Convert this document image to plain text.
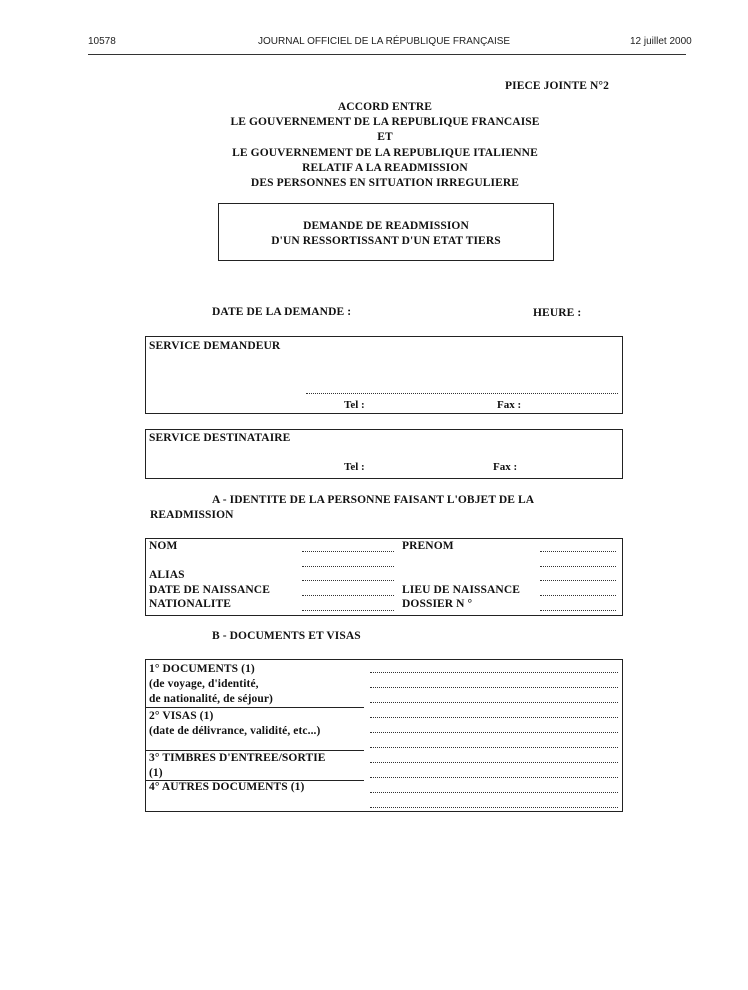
10578	JOURNAL OFFICIEL DE LA RÉPUBLIQUE FRANÇAISE	12 juillet 2000
PIECE JOINTE N°2
ACCORD ENTRE
LE GOUVERNEMENT DE LA REPUBLIQUE FRANCAISE
ET
LE GOUVERNEMENT DE LA REPUBLIQUE ITALIENNE
RELATIF A LA READMISSION
DES PERSONNES EN SITUATION IRREGULIERE
DEMANDE DE READMISSION
D'UN RESSORTISSANT D'UN ETAT TIERS
DATE DE LA DEMANDE :	HEURE :
SERVICE DEMANDEUR
Tel :	Fax :
SERVICE DESTINATAIRE
Tel :	Fax :
A - IDENTITE DE LA PERSONNE FAISANT L'OBJET DE LA
READMISSION
NOM	PRENOM
ALIAS
DATE DE NAISSANCE	LIEU DE NAISSANCE
NATIONALITE	DOSSIER N °
B - DOCUMENTS ET VISAS
1° DOCUMENTS (1)
(de voyage, d'identité,
de nationalité, de séjour)
2° VISAS (1)
(date de délivrance, validité, etc...)
3° TIMBRES D'ENTREE/SORTIE
(1)
4° AUTRES DOCUMENTS (1)
